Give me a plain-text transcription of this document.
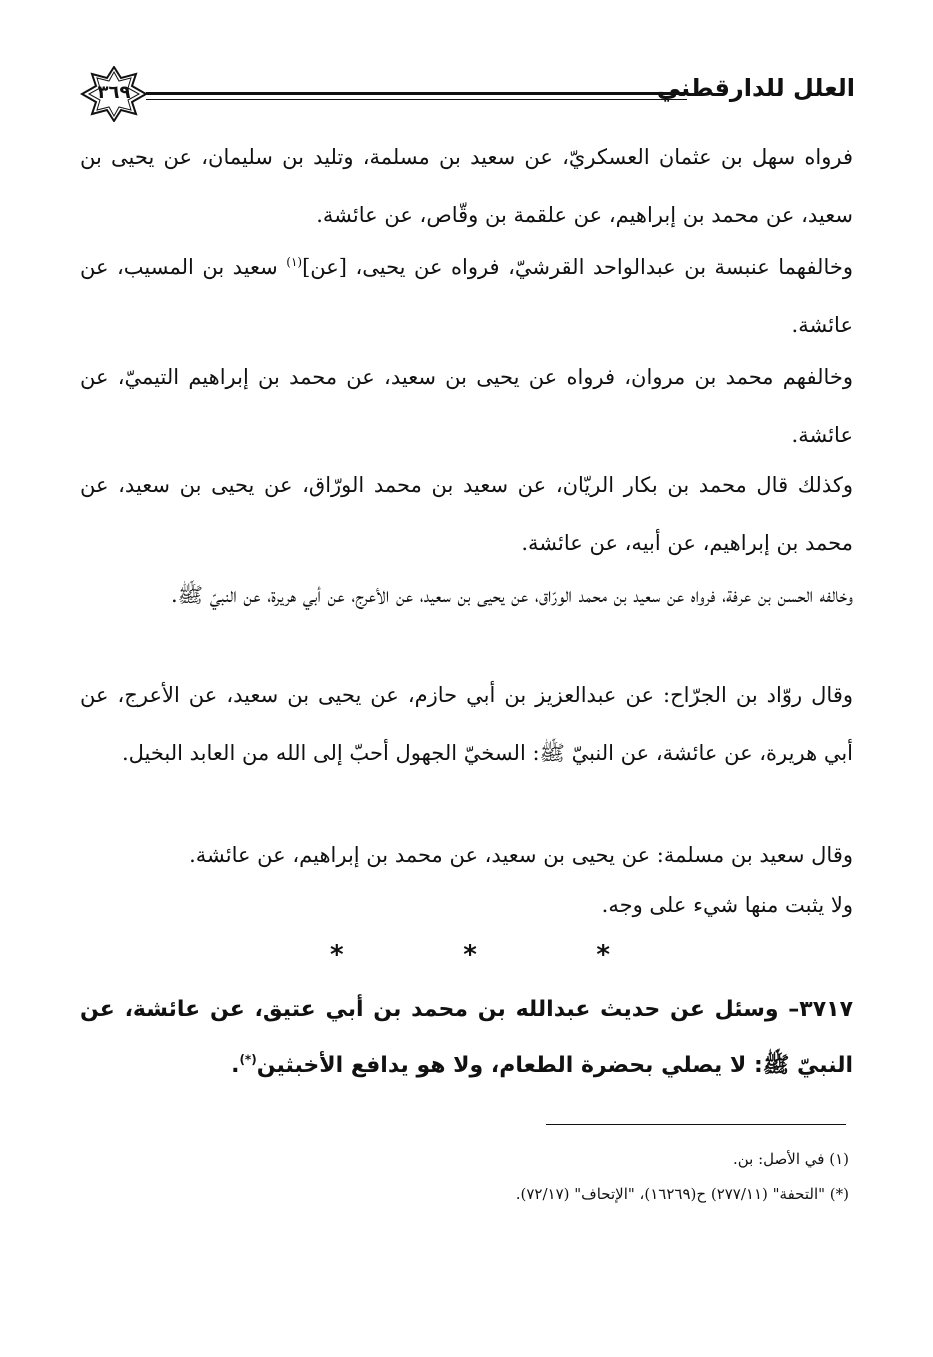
العلل للدارقطني
٣٦٩
فرواه سهل بن عثمان العسكريّ، عن سعيد بن مسلمة، وتليد بن سليمان، عن يحيى بن سعيد، عن محمد بن إبراهيم، عن علقمة بن وقّاص، عن عائشة.
وخالفهما عنبسة بن عبدالواحد القرشيّ، فرواه عن يحيى، [عن]$^{(١)}$ سعيد بن المسيب، عن عائشة.
وخالفهم محمد بن مروان، فرواه عن يحيى بن سعيد، عن محمد بن إبراهيم التيميّ، عن عائشة.
وكذلك قال محمد بن بكار الريّان، عن سعيد بن محمد الورّاق، عن يحيى بن سعيد، عن محمد بن إبراهيم، عن أبيه، عن عائشة.
وخالفه الحسن بن عرفة، فرواه عن سعيد بن محمد الورّاق، عن يحيى بن سعيد، عن الأعرج، عن أبي هريرة، عن النبيّ ﷺ.
وقال روّاد بن الجرّاح: عن عبدالعزيز بن أبي حازم، عن يحيى بن سعيد، عن الأعرج، عن أبي هريرة، عن عائشة، عن النبيّ ﷺ: السخيّ الجهول أحبّ إلى الله من العابد البخيل.
وقال سعيد بن مسلمة: عن يحيى بن سعيد، عن محمد بن إبراهيم، عن عائشة.
ولا يثبت منها شيء على وجه.
*	*	*
٣٧١٧– وسئل عن حديث عبدالله بن محمد بن أبي عتيق، عن عائشة، عن النبيّ ﷺ: لا يصلي بحضرة الطعام، ولا هو يدافع الأخبثين(*).
(١) في الأصل: بن.
(*) "التحفة" (٢٧٧/١١) ح(١٦٢٦٩)، "الإتحاف" (٧٢/١٧).
